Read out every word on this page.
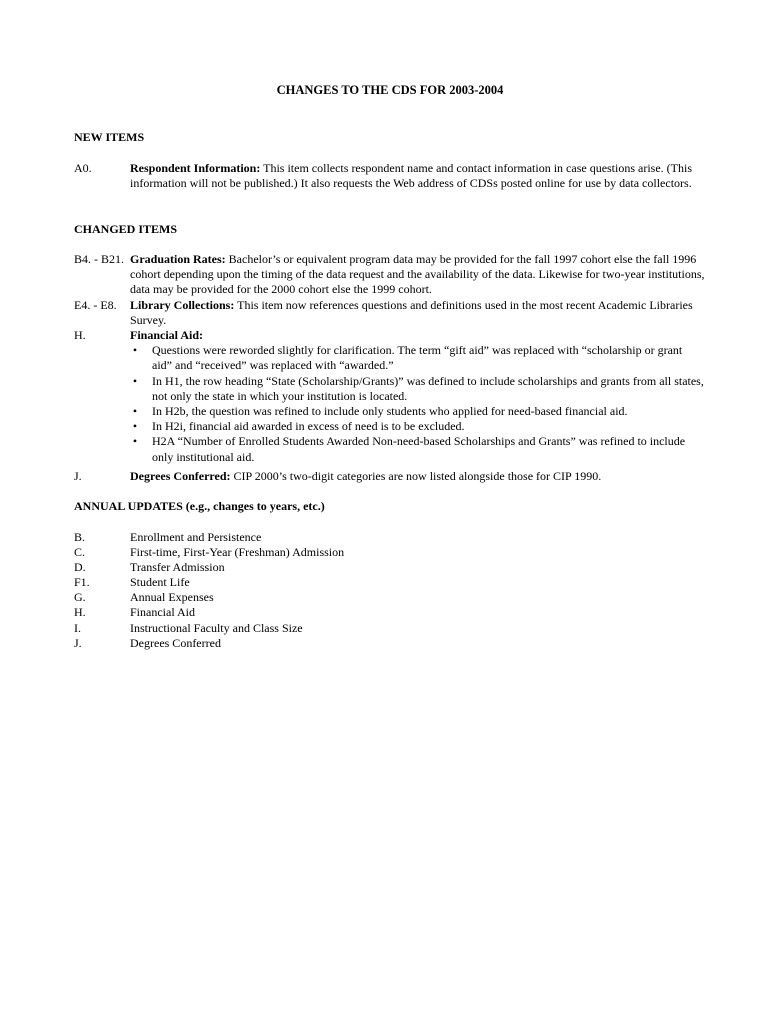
CHANGES TO THE CDS FOR 2003-2004
NEW ITEMS
A0.	Respondent Information: This item collects respondent name and contact information in case questions arise. (This information will not be published.) It also requests the Web address of CDSs posted online for use by data collectors.
CHANGED ITEMS
B4. - B21. Graduation Rates: Bachelor’s or equivalent program data may be provided for the fall 1997 cohort else the fall 1996 cohort depending upon the timing of the data request and the availability of the data. Likewise for two-year institutions, data may be provided for the 2000 cohort else the 1999 cohort.
E4. - E8. Library Collections: This item now references questions and definitions used in the most recent Academic Libraries Survey.
H.	Financial Aid:
• Questions were reworded slightly for clarification. The term “gift aid” was replaced with “scholarship or grant aid” and “received” was replaced with “awarded.”
• In H1, the row heading “State (Scholarship/Grants)” was defined to include scholarships and grants from all states, not only the state in which your institution is located.
• In H2b, the question was refined to include only students who applied for need-based financial aid.
• In H2i, financial aid awarded in excess of need is to be excluded.
• H2A “Number of Enrolled Students Awarded Non-need-based Scholarships and Grants” was refined to include only institutional aid.
J.	Degrees Conferred: CIP 2000’s two-digit categories are now listed alongside those for CIP 1990.
ANNUAL UPDATES (e.g., changes to years, etc.)
B.	Enrollment and Persistence
C.	First-time, First-Year (Freshman) Admission
D.	Transfer Admission
F1.	Student Life
G.	Annual Expenses
H.	Financial Aid
I.	Instructional Faculty and Class Size
J.	Degrees Conferred
